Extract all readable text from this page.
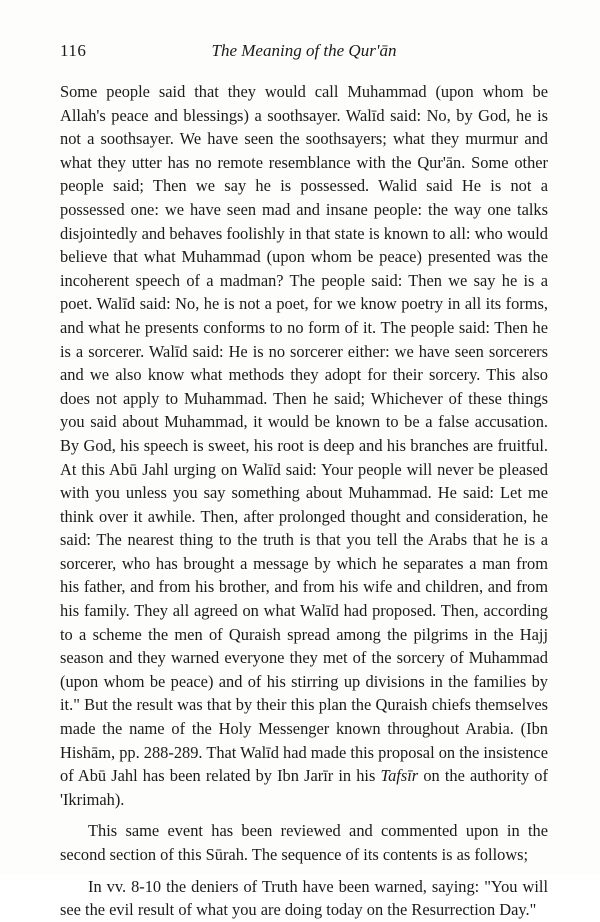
116	The Meaning of the Qur'ān

Some people said that they would call Muhammad (upon whom be Allah's peace and blessings) a soothsayer. Walīd said: No, by God, he is not a soothsayer. We have seen the soothsayers; what they murmur and what they utter has no remote resemblance with the Qur'ān. Some other people said; Then we say he is possessed. Walid said He is not a possessed one: we have seen mad and insane people: the way one talks disjointedly and behaves foolishly in that state is known to all: who would believe that what Muhammad (upon whom be peace) presented was the incoherent speech of a madman? The people said: Then we say he is a poet. Walīd said: No, he is not a poet, for we know poetry in all its forms, and what he presents conforms to no form of it. The people said: Then he is a sorcerer. Walīd said: He is no sorcerer either: we have seen sorcerers and we also know what methods they adopt for their sorcery. This also does not apply to Muhammad. Then he said; Whichever of these things you said about Muhammad, it would be known to be a false accusation. By God, his speech is sweet, his root is deep and his branches are fruitful. At this Abū Jahl urging on Walīd said: Your people will never be pleased with you unless you say something about Muhammad. He said: Let me think over it awhile. Then, after prolonged thought and consideration, he said: The nearest thing to the truth is that you tell the Arabs that he is a sorcerer, who has brought a message by which he separates a man from his father, and from his brother, and from his wife and children, and from his family. They all agreed on what Walīd had proposed. Then, according to a scheme the men of Quraish spread among the pilgrims in the Hajj season and they warned everyone they met of the sorcery of Muhammad (upon whom be peace) and of his stirring up divisions in the families by it." But the result was that by their this plan the Quraish chiefs themselves made the name of the Holy Messenger known throughout Arabia. (Ibn Hishām, pp. 288-289. That Walīd had made this proposal on the insistence of Abū Jahl has been related by Ibn Jarīr in his Tafsīr on the authority of 'Ikrimah).

This same event has been reviewed and commented upon in the second section of this Sūrah. The sequence of its contents is as follows;

In vv. 8-10 the deniers of Truth have been warned, saying: "You will see the evil result of what you are doing today on the Resurrection Day."
